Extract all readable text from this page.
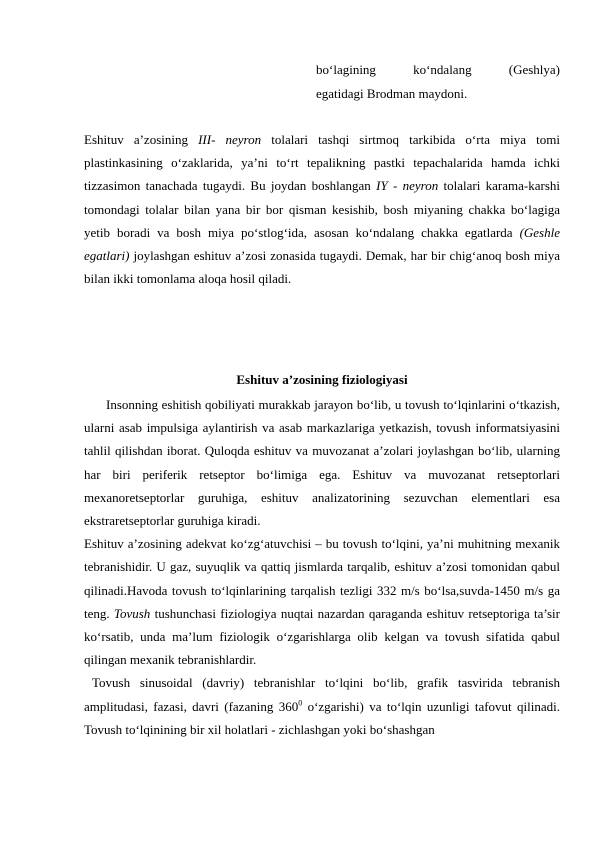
bo‘lagining	ko‘ndalang	(Geshlya)
egatidagi Brodman maydoni.

Eshituv a’zosining III- neyron tolalari tashqi sirtmoq tarkibida o‘rta miya tomi plastinkasining o‘zaklarida, ya’ni to‘rt tepalikning pastki tepachalarida hamda ichki tizzasimon tanachada tugaydi. Bu joydan boshlangan IY - neyron tolalari karama-karshi tomondagi tolalar bilan yana bir bor qisman kesishib, bosh miyaning chakka bo‘lagiga yetib boradi va bosh miya po‘stlog‘ida, asosan ko‘ndalang chakka egatlarda (Geshle egatlari) joylashgan eshituv a’zosi zonasida tugaydi. Demak, har bir chig‘anoq bosh miya bilan ikki tomonlama aloqa hosil qiladi.

Eshituv a’zosining fiziologiyasi

Insonning eshitish qobiliyati murakkab jarayon bo‘lib, u tovush to‘lqinlarini o‘tkazish, ularni asab impulsiga aylantirish va asab markazlariga yetkazish, tovush informatsiyasini tahlil qilishdan iborat. Quloqda eshituv va muvozanat a’zolari joylashgan bo‘lib, ularning har biri periferik retseptor bo‘limiga ega. Eshituv va muvozanat retseptorlari mexanoretseptorlar guruhiga, eshituv analizatorining sezuvchan elementlari esa ekstraretseptorlar guruhiga kiradi.

Eshituv a’zosining adekvat ko‘zg‘atuvchisi – bu tovush to‘lqini, ya’ni muhitning mexanik tebranishidir. U gaz, suyuqlik va qattiq jismlarda tarqalib, eshituv a’zosi tomonidan qabul qilinadi.Havoda tovush to‘lqinlarining tarqalish tezligi 332 m/s bo‘lsa,suvda-1450 m/s ga teng. Tovush tushunchasi fiziologiya nuqtai nazardan qaraganda eshituv retseptoriga ta’sir ko‘rsatib, unda ma’lum fiziologik o‘zgarishlarga olib kelgan va tovush sifatida qabul qilingan mexanik tebranishlardir.

Tovush sinusoidal (davriy) tebranishlar to‘lqini bo‘lib, grafik tasvirida tebranish amplitudasi, fazasi, davri (fazaning $360^0$ o‘zgarishi) va to‘lqin uzunligi tafovut qilinadi. Tovush to‘lqinining bir xil holatlari - zichlashgan yoki bo‘shashgan
